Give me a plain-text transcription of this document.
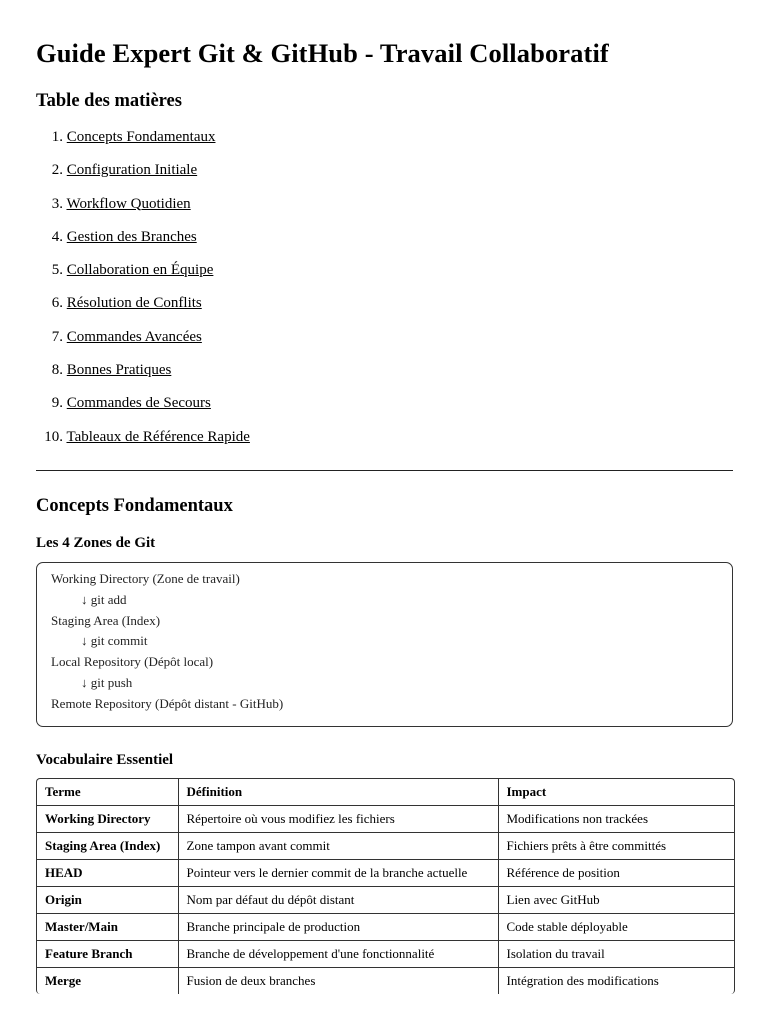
Guide Expert Git & GitHub - Travail Collaboratif
Table des matières
1. Concepts Fondamentaux
2. Configuration Initiale
3. Workflow Quotidien
4. Gestion des Branches
5. Collaboration en Équipe
6. Résolution de Conflits
7. Commandes Avancées
8. Bonnes Pratiques
9. Commandes de Secours
10. Tableaux de Référence Rapide
Concepts Fondamentaux
Les 4 Zones de Git
Working Directory (Zone de travail)
↓ git add
Staging Area (Index)
↓ git commit
Local Repository (Dépôt local)
↓ git push
Remote Repository (Dépôt distant - GitHub)
Vocabulaire Essentiel
Terme	Définition	Impact
Working Directory	Répertoire où vous modifiez les fichiers	Modifications non trackées
Staging Area (Index)	Zone tampon avant commit	Fichiers prêts à être committés
HEAD	Pointeur vers le dernier commit de la branche actuelle	Référence de position
Origin	Nom par défaut du dépôt distant	Lien avec GitHub
Master/Main	Branche principale de production	Code stable déployable
Feature Branch	Branche de développement d'une fonctionnalité	Isolation du travail
Merge	Fusion de deux branches	Intégration des modifications
